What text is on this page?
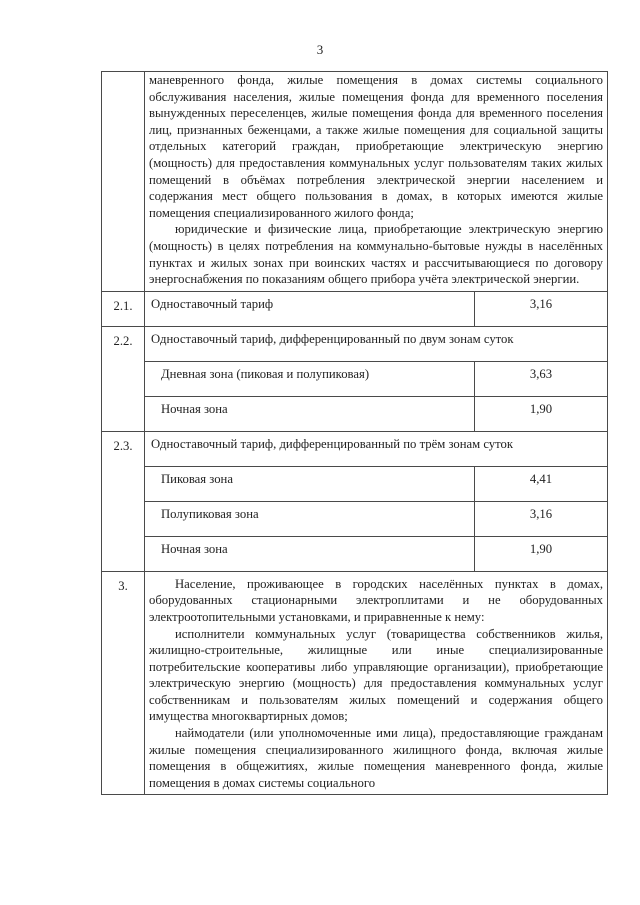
3

	маневренного фонда, жилые помещения в домах системы социального обслуживания населения, жилые помещения фонда для временного поселения вынужденных переселенцев, жилые помещения фонда для временного поселения лиц, признанных беженцами, а также жилые помещения для социальной защиты отдельных категорий граждан, приобретающие электрическую энергию (мощность) для предоставления коммунальных услуг пользователям таких жилых помещений в объёмах потребления электрической энергии населением и содержания мест общего пользования в домах, в которых имеются жилые помещения специализированного жилого фонда;

юридические и физические лица, приобретающие электрическую энергию (мощность) в целях потребления на коммунально-бытовые нужды в населённых пунктах и жилых зонах при воинских частях и рассчитывающиеся по договору энергоснабжения по показаниям общего прибора учёта электрической энергии.	

2.1.	Одноставочный тариф	3,16
2.2.	Одноставочный тариф, дифференцированный по двум зонам суток	
	Дневная зона (пиковая и полупиковая)	3,63
	Ночная зона	1,90
2.3.	Одноставочный тариф, дифференцированный по трём зонам суток	
	Пиковая зона	4,41
	Полупиковая зона	3,16
	Ночная зона	1,90
3.	Население, проживающее в городских населённых пунктах в домах, оборудованных стационарными электроплитами и не оборудованных электроотопительными установками, и приравненные к нему:

исполнители коммунальных услуг (товарищества собственников жилья, жилищно-строительные, жилищные или иные специализированные потребительские кооперативы либо управляющие организации), приобретающие электрическую энергию (мощность) для предоставления коммунальных услуг собственникам и пользователям жилых помещений и содержания общего имущества многоквартирных домов;

наймодатели (или уполномоченные ими лица), предоставляющие гражданам жилые помещения специализированного жилищного фонда, включая жилые помещения в общежитиях, жилые помещения маневренного фонда, жилые помещения в домах системы социального	
